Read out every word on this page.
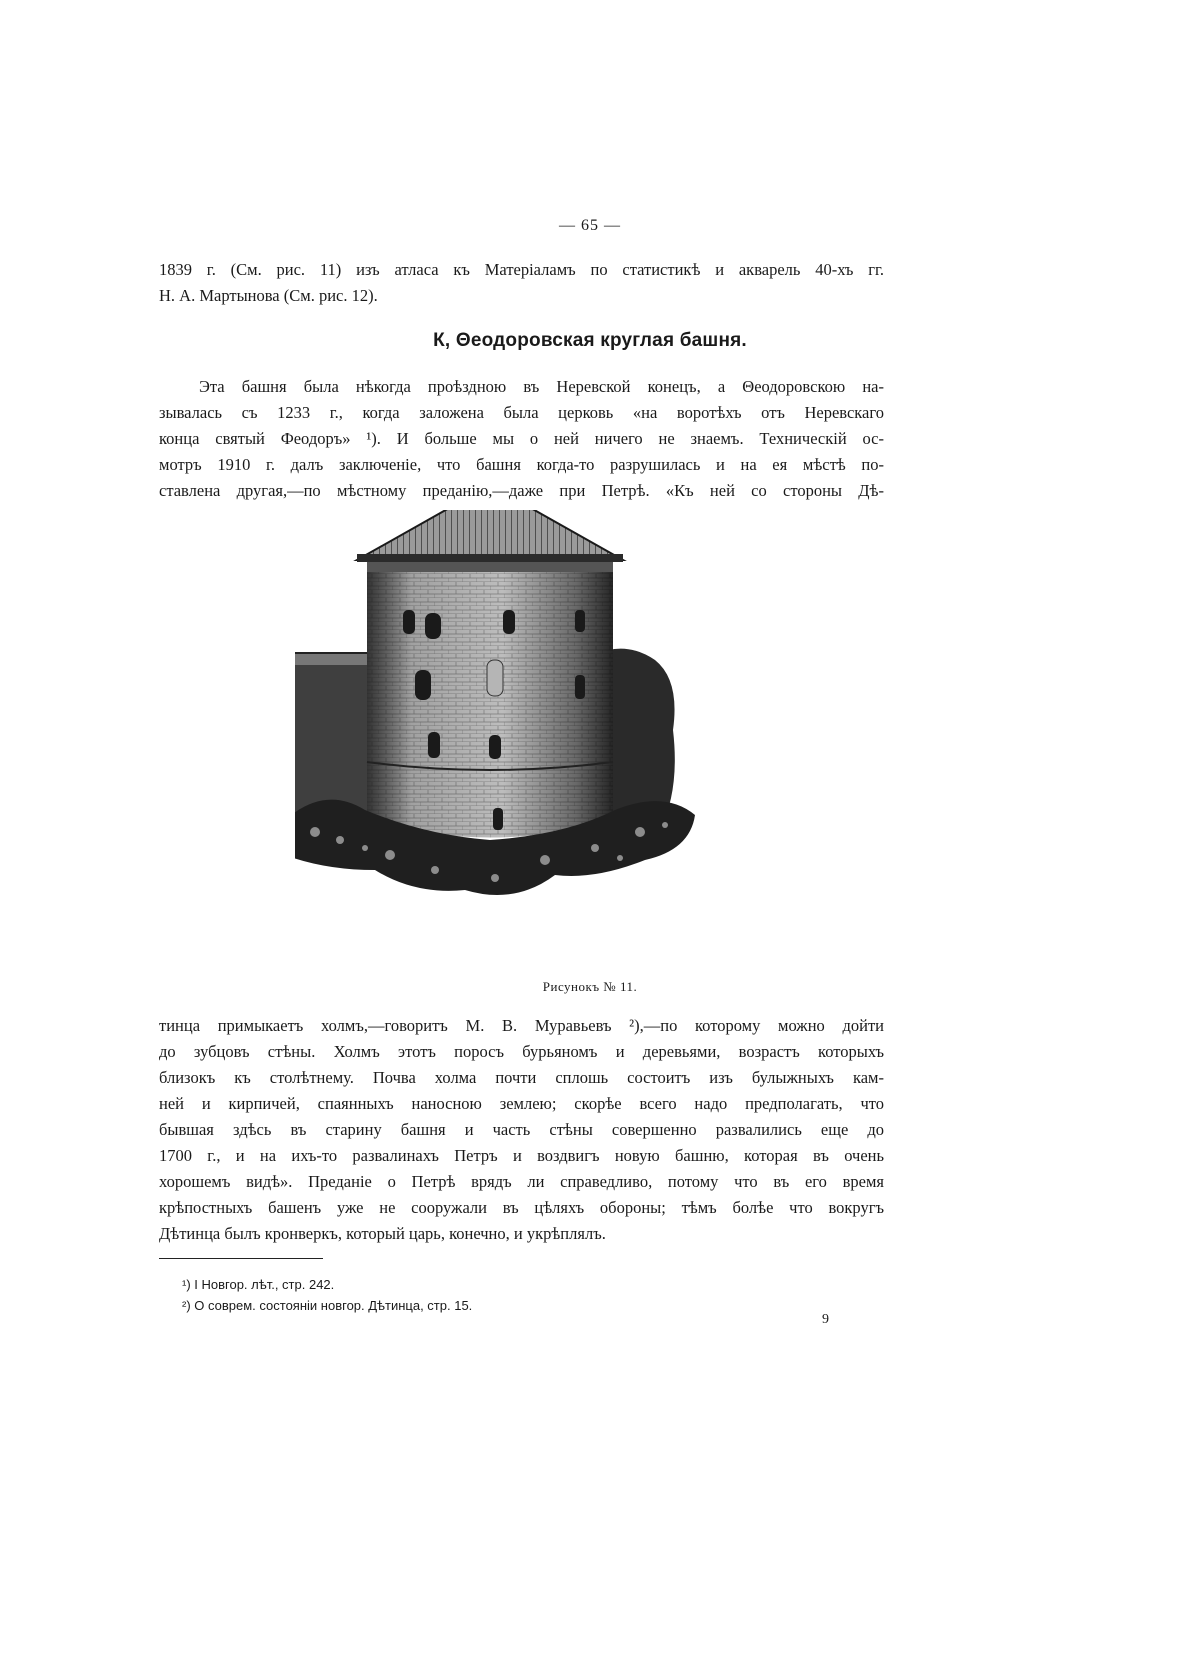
— 65 —
1839 г. (См. рис. 11) изъ атласа къ Матеріаламъ по статистикѣ и акварель 40-хъ гг.
Н. А. Мартынова (См. рис. 12).
К, Θеодоровская круглая башня.
Эта башня была нѣкогда проѣздною въ Неревской конецъ, а Θеодоровскою на-
зывалась съ 1233 г., когда заложена была церковь «на воротѣхъ отъ Неревскаго
конца святый Феодоръ» ¹). И больше мы о ней ничего не знаемъ. Техническій ос-
мотръ 1910 г. далъ заключеніе, что башня когда-то разрушилась и на ея мѣстѣ по-
ставлена другая,—по мѣстному преданію,—даже при Петрѣ. «Къ ней со стороны Дѣ-
Рисунокъ № 11.
тинца примыкаетъ холмъ,—говоритъ М. В. Муравьевъ ²),—по которому можно дойти
до зубцовъ стѣны. Холмъ этотъ поросъ бурьяномъ и деревьями, возрастъ которыхъ
близокъ къ столѣтнему. Почва холма почти сплошь состоитъ изъ булыжныхъ кам-
ней и кирпичей, спаянныхъ наносною землею; скорѣе всего надо предполагать, что
бывшая здѣсь въ старину башня и часть стѣны совершенно развалились еще до
1700 г., и на ихъ-то развалинахъ Петръ и воздвигъ новую башню, которая въ очень
хорошемъ видѣ». Преданіе о Петрѣ врядъ ли справедливо, потому что въ его время
крѣпостныхъ башенъ уже не сооружали въ цѣляхъ обороны; тѣмъ болѣе что вокругъ
Дѣтинца былъ кронверкъ, который царь, конечно, и укрѣплялъ.
¹) I Новгор. лѣт., стр. 242.
²) О соврем. состояніи новгор. Дѣтинца, стр. 15.
9
